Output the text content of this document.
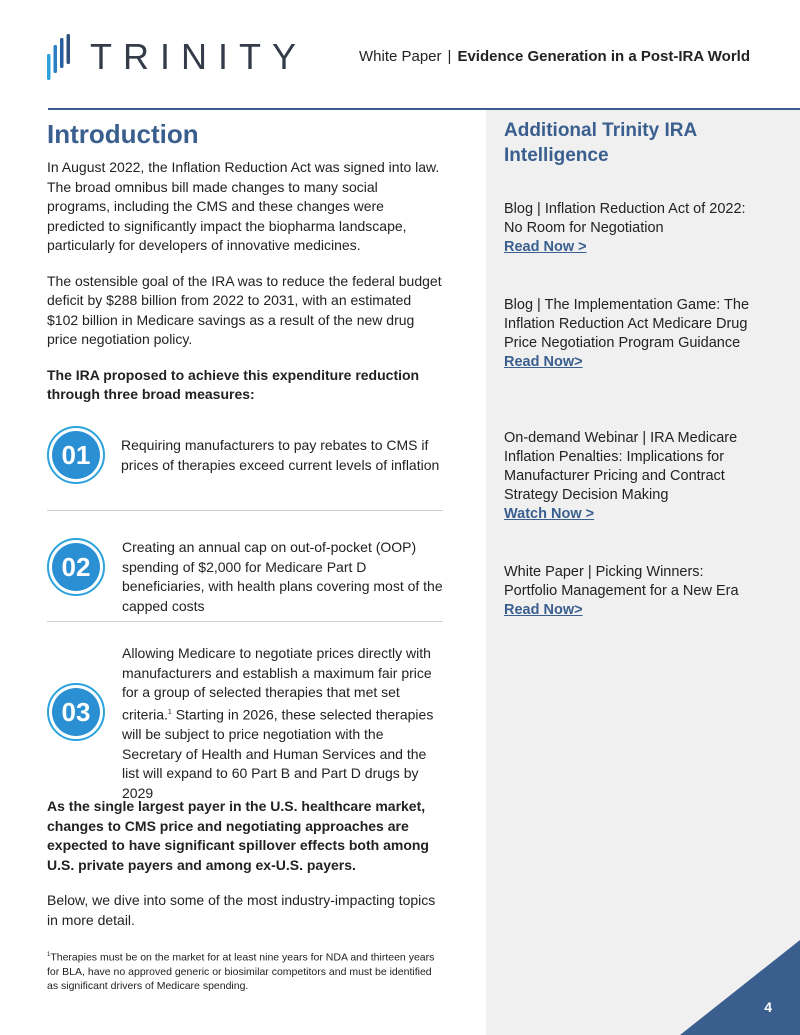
TRINITY	White Paper | Evidence Generation in a Post-IRA World
Introduction

In August 2022, the Inflation Reduction Act was signed into law. The broad omnibus bill made changes to many social programs, including the CMS and these changes were predicted to significantly impact the biopharma landscape, particularly for developers of innovative medicines.

The ostensible goal of the IRA was to reduce the federal budget deficit by $288 billion from 2022 to 2031, with an estimated $102 billion in Medicare savings as a result of the new drug price negotiation policy.

The IRA proposed to achieve this expenditure reduction through three broad measures:

01	Requiring manufacturers to pay rebates to CMS if prices of therapies exceed current levels of inflation
02
Creating an annual cap on out-of-pocket (OOP) spending of $2,000 for Medicare Part D beneficiaries, with health plans covering most of the capped costs
03
Allowing Medicare to negotiate prices directly with manufacturers and establish a maximum fair price for a group of selected therapies that met set criteria.$^1$ Starting in 2026, these selected therapies will be subject to price negotiation with the Secretary of Health and Human Services and the list will expand to 60 Part B and Part D drugs by 2029

As the single largest payer in the U.S. healthcare market, changes to CMS price and negotiating approaches are expected to have significant spillover effects both among U.S. private payers and among ex-U.S. payers.

Below, we dive into some of the most industry-impacting topics in more detail.

$^1$Therapies must be on the market for at least nine years for NDA and thirteen years for BLA, have no approved generic or biosimilar competitors and must be identified as significant drivers of Medicare spending.
Additional Trinity IRA Intelligence
Blog | Inflation Reduction Act of 2022: No Room for Negotiation
Read Now >
Blog | The Implementation Game: The Inflation Reduction Act Medicare Drug Price Negotiation Program Guidance
Read Now>
On-demand Webinar | IRA Medicare Inflation Penalties: Implications for Manufacturer Pricing and Contract Strategy Decision Making
Watch Now >
White Paper | Picking Winners: Portfolio Management for a New Era
Read Now>
4
